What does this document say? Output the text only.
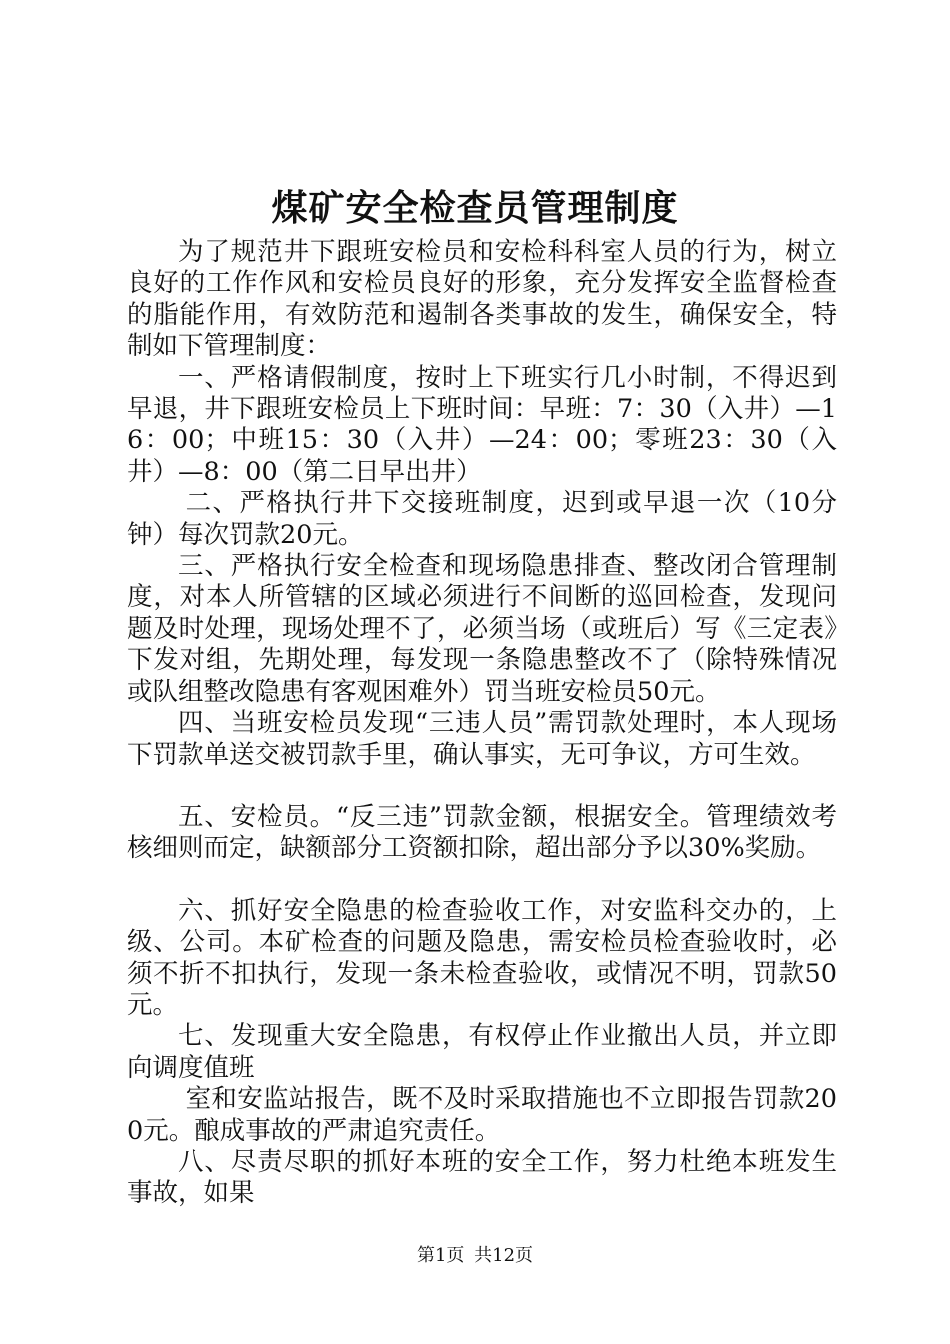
煤矿安全检查员管理制度

为了规范井下跟班安检员和安检科科室人员的行为，树立良好的工作作风和安检员良好的形象，充分发挥安全监督检查的脂能作用，有效防范和遏制各类事故的发生，确保安全，特制如下管理制度：

一、严格请假制度，按时上下班实行几小时制，不得迟到早退，井下跟班安检员上下班时间：早班：7：30（入井）—16：00；中班15：30（入井）—24：00；零班23：30（入井）—8：00（第二日早出井）

二、严格执行井下交接班制度，迟到或早退一次（10分钟）每次罚款20元。

三、严格执行安全检查和现场隐患排查、整改闭合管理制度，对本人所管辖的区域必须进行不间断的巡回检查，发现问题及时处理，现场处理不了，必须当场（或班后）写《三定表》下发对组，先期处理，每发现一条隐患整改不了（除特殊情况或队组整改隐患有客观困难外）罚当班安检员50元。

四、当班安检员发现“三违人员”需罚款处理时，本人现场下罚款单送交被罚款手里，确认事实，无可争议，方可生效。

五、安检员。“反三违”罚款金额，根据安全。管理绩效考核细则而定，缺额部分工资额扣除，超出部分予以30%奖励。

六、抓好安全隐患的检查验收工作，对安监科交办的，上级、公司。本矿检查的问题及隐患，需安检员检查验收时，必须不折不扣执行，发现一条未检查验收，或情况不明，罚款50元。

七、发现重大安全隐患，有权停止作业撤出人员，并立即向调度值班

室和安监站报告，既不及时采取措施也不立即报告罚款200元。酿成事故的严肃追究责任。

八、尽责尽职的抓好本班的安全工作，努力杜绝本班发生事故，如果

第1页 共12页
